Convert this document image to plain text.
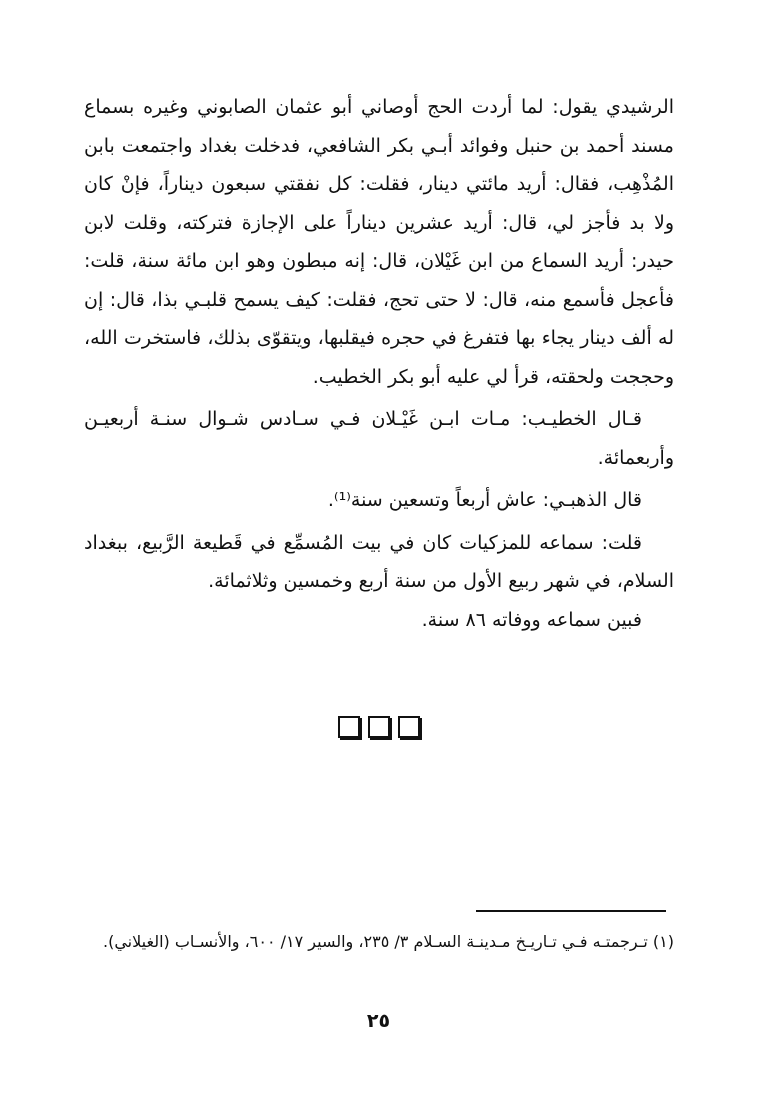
الرشيدي يقول: لما أردت الحج أوصاني أبو عثمان الصابوني وغيره بسماع مسند أحمد بن حنبل وفوائد أبـي بكر الشافعي، فدخلت بغداد واجتمعت بابن المُذْهِب، فقال: أريد مائتي دينار، فقلت: كل نفقتي سبعون ديناراً، فإنْ كان ولا بد فأجز لي، قال: أريد عشرين ديناراً على الإجازة فتركته، وقلت لابن حيدر: أريد السماع من ابن غَيْلان، قال: إنه مبطون وهو ابن مائة سنة، قلت: فأعجل فأسمع منه، قال: لا حتى تحج، فقلت: كيف يسمح قلبـي بذا، قال: إن له ألف دينار يجاء بها فتفرغ في حجره فيقلبها، ويتقوّى بذلك، فاستخرت الله، وحججت ولحقته، قرأ لي عليه أبو بكر الخطيب.

قـال الخطيـب: مـات ابـن غَيْـلان فـي سـادس شـوال سنـة أربعيـن وأربعمائة.

قال الذهبـي: عاش أربعاً وتسعين سنة⁽¹⁾.

قلت: سماعه للمزكيات كان في بيت المُسمِّع في قَطيعة الرَّبيع، ببغداد السلام، في شهر ربيع الأول من سنة أربع وخمسين وثلاثمائة.

فبين سماعه ووفاته ٨٦ سنة.

(١) تـرجمتـه فـي تـاريـخ مـدينـة السـلام ٣/ ٢٣٥، والسير ١٧/ ٦٠٠، والأنسـاب (الغيلاني).

٢٥
